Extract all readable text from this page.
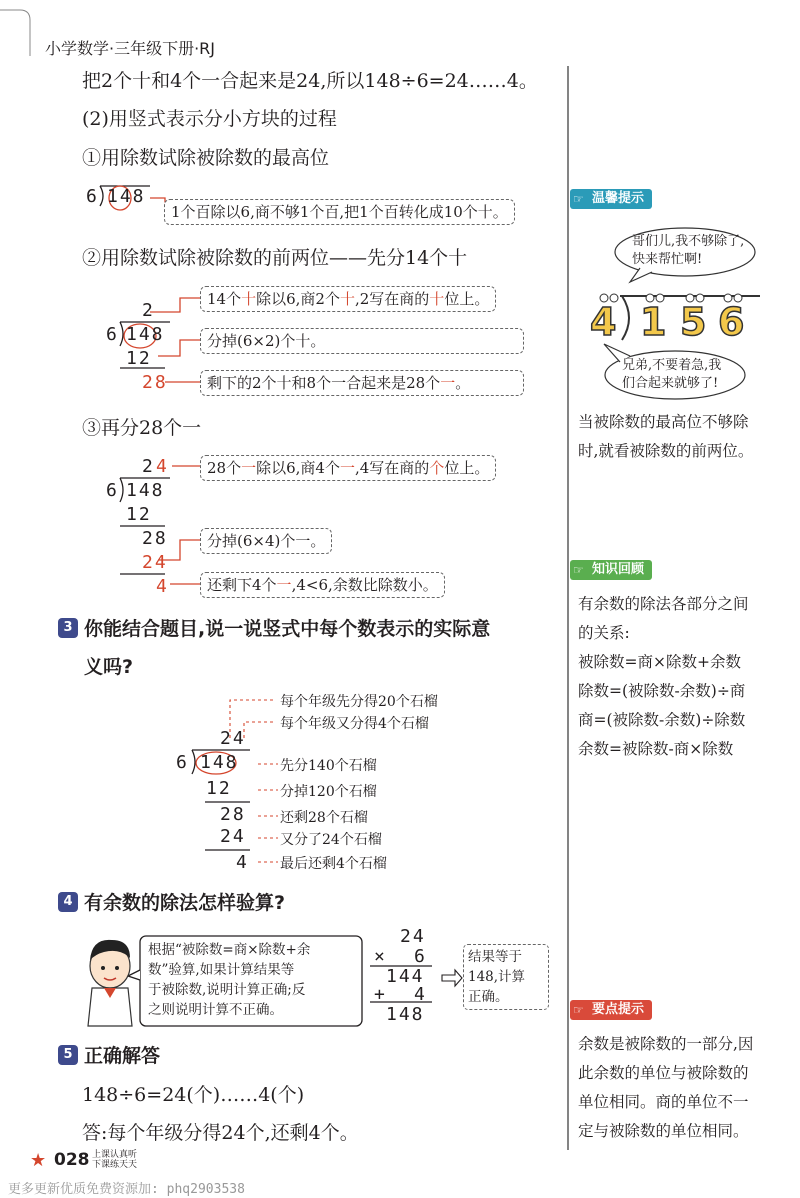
小学数学·三年级下册·RJ
4 1 5 6
哥们儿,我不够除了,
快来帮忙啊!
兄弟,不要着急,我
们合起来就够了!
把2个十和4个一合起来是24,所以148÷6=24……4。
(2)用竖式表示分小方块的过程
①用除数试除被除数的最高位
6 148
1个百除以6,商不够1个百,把1个百转化成10个十。
②用除数试除被除数的前两位——先分14个十
2
6 148
12
28
14个十除以6,商2个十,2写在商的十位上。
分掉(6×2)个十。
剩下的2个十和8个一合起来是28个一。
③再分28个一
2 4
6 148
12
28
24
4
28个一除以6,商4个一,4写在商的个位上。
分掉(6×4)个一。
还剩下4个一,4<6,余数比除数小。
3 你能结合题目,说一说竖式中每个数表示的实际意
义吗?
24
6 148
12
28
24
4
每个年级先分得20个石榴
每个年级又分得4个石榴
先分140个石榴
分掉120个石榴
还剩28个石榴
又分了24个石榴
最后还剩4个石榴
4 有余数的除法怎样验算?
根据“被除数=商×除数+余
数”验算,如果计算结果等
于被除数,说明计算正确;反
之则说明计算不正确。
24
× 6
144
+ 4
148
结果等于
148,计算
正确。
5 正确解答
148÷6=24(个)……4(个)
答:每个年级分得24个,还剩4个。
☞ 温馨提示
当被除数的最高位不够除
时,就看被除数的前两位。
☞ 知识回顾
有余数的除法各部分之间
的关系:
被除数=商×除数+余数
除数=(被除数-余数)÷商
商=(被除数-余数)÷除数
余数=被除数-商×除数
☞ 要点提示
余数是被除数的一部分,因
此余数的单位与被除数的
单位相同。商的单位不一
定与被除数的单位相同。
★ 028 上课认真听
下课练天天
更多更新优质免费资源加: phq2903538
